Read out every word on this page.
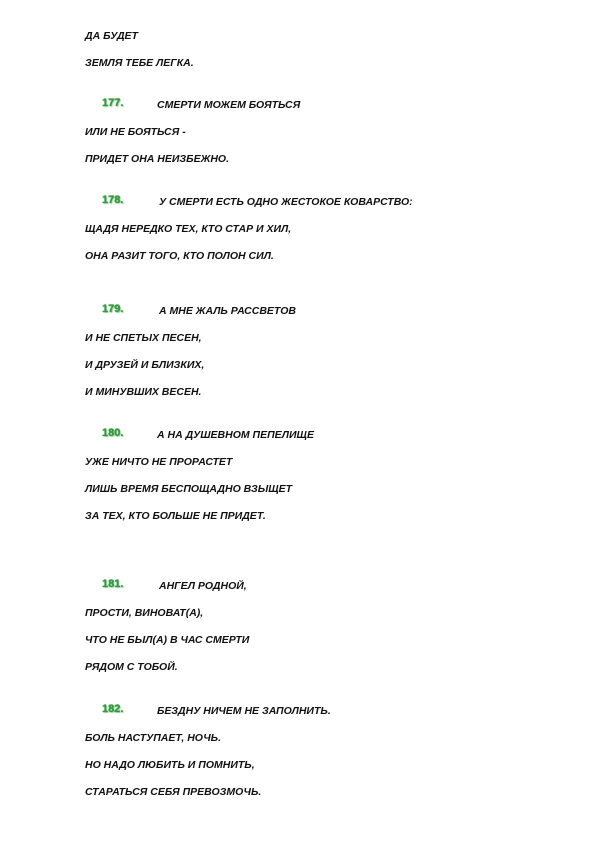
ДА БУДЕТ
ЗЕМЛЯ ТЕБЕ ЛЕГКА.
177.	СМЕРТИ МОЖЕМ БОЯТЬСЯ
ИЛИ НЕ БОЯТЬСЯ -
ПРИДЕТ ОНА НЕИЗБЕЖНО.
178.	У СМЕРТИ ЕСТЬ ОДНО ЖЕСТОКОЕ КОВАРСТВО:
ЩАДЯ НЕРЕДКО ТЕХ, КТО СТАР И ХИЛ,
ОНА РАЗИТ ТОГО, КТО ПОЛОН СИЛ.
179.	А МНЕ ЖАЛЬ РАССВЕТОВ
И НЕ СПЕТЫХ ПЕСЕН,
И ДРУЗЕЙ И БЛИЗКИХ,
И МИНУВШИХ ВЕСЕН.
180.	А НА ДУШЕВНОМ ПЕПЕЛИЩЕ
УЖЕ НИЧТО НЕ ПРОРАСТЕТ
ЛИШЬ ВРЕМЯ БЕСПОЩАДНО ВЗЫЩЕТ
ЗА ТЕХ, КТО БОЛЬШЕ НЕ ПРИДЕТ.
181.	АНГЕЛ РОДНОЙ,
ПРОСТИ, ВИНОВАТ(А),
ЧТО НЕ БЫЛ(А) В ЧАС СМЕРТИ
РЯДОМ С ТОБОЙ.
182.	БЕЗДНУ НИЧЕМ НЕ ЗАПОЛНИТЬ.
БОЛЬ НАСТУПАЕТ, НОЧЬ.
НО НАДО ЛЮБИТЬ И ПОМНИТЬ,
СТАРАТЬСЯ СЕБЯ ПРЕВОЗМОЧЬ.
